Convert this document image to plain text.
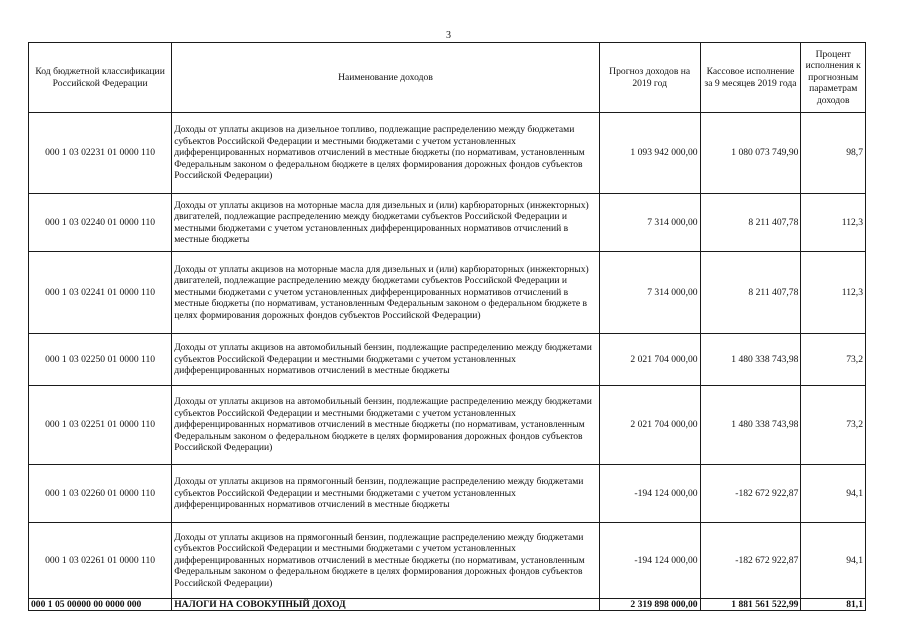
3
Код бюджетной классификации Российской Федерации	Наименование доходов	Прогноз доходов на 2019 год	Кассовое исполнение за 9 месяцев 2019 года	Процент исполнения к прогнозным параметрам доходов
000 1 03 02231 01 0000 110	Доходы от уплаты акцизов на дизельное топливо, подлежащие распределению между бюджетами субъектов Российской Федерации и местными бюджетами с учетом установленных дифференцированных нормативов отчислений в местные бюджеты (по нормативам, установленным Федеральным законом о федеральном бюджете в целях формирования дорожных фондов субъектов Российской Федерации)	1 093 942 000,00	1 080 073 749,90	98,7
000 1 03 02240 01 0000 110	Доходы от уплаты акцизов на моторные масла для дизельных и (или) карбюраторных (инжекторных) двигателей, подлежащие распределению между бюджетами субъектов Российской Федерации и местными бюджетами с учетом установленных дифференцированных нормативов отчислений в местные бюджеты	7 314 000,00	8 211 407,78	112,3
000 1 03 02241 01 0000 110	Доходы от уплаты акцизов на моторные масла для дизельных и (или) карбюраторных (инжекторных) двигателей, подлежащие распределению между бюджетами субъектов Российской Федерации и местными бюджетами с учетом установленных дифференцированных нормативов отчислений в местные бюджеты (по нормативам, установленным Федеральным законом о федеральном бюджете в целях формирования дорожных фондов субъектов Российской Федерации)	7 314 000,00	8 211 407,78	112,3
000 1 03 02250 01 0000 110	Доходы от уплаты акцизов на автомобильный бензин, подлежащие распределению между бюджетами субъектов Российской Федерации и местными бюджетами с учетом установленных дифференцированных нормативов отчислений в местные бюджеты	2 021 704 000,00	1 480 338 743,98	73,2
000 1 03 02251 01 0000 110	Доходы от уплаты акцизов на автомобильный бензин, подлежащие распределению между бюджетами субъектов Российской Федерации и местными бюджетами с учетом установленных дифференцированных нормативов отчислений в местные бюджеты (по нормативам, установленным Федеральным законом о федеральном бюджете в целях формирования дорожных фондов субъектов Российской Федерации)	2 021 704 000,00	1 480 338 743,98	73,2
000 1 03 02260 01 0000 110	Доходы от уплаты акцизов на прямогонный бензин, подлежащие распределению между бюджетами субъектов Российской Федерации и местными бюджетами с учетом установленных дифференцированных нормативов отчислений в местные бюджеты	-194 124 000,00	-182 672 922,87	94,1
000 1 03 02261 01 0000 110	Доходы от уплаты акцизов на прямогонный бензин, подлежащие распределению между бюджетами субъектов Российской Федерации и местными бюджетами с учетом установленных дифференцированных нормативов отчислений в местные бюджеты (по нормативам, установленным Федеральным законом о федеральном бюджете в целях формирования дорожных фондов субъектов Российской Федерации)	-194 124 000,00	-182 672 922,87	94,1
000 1 05 00000 00 0000 000	НАЛОГИ НА СОВОКУПНЫЙ ДОХОД	2 319 898 000,00	1 881 561 522,99	81,1
